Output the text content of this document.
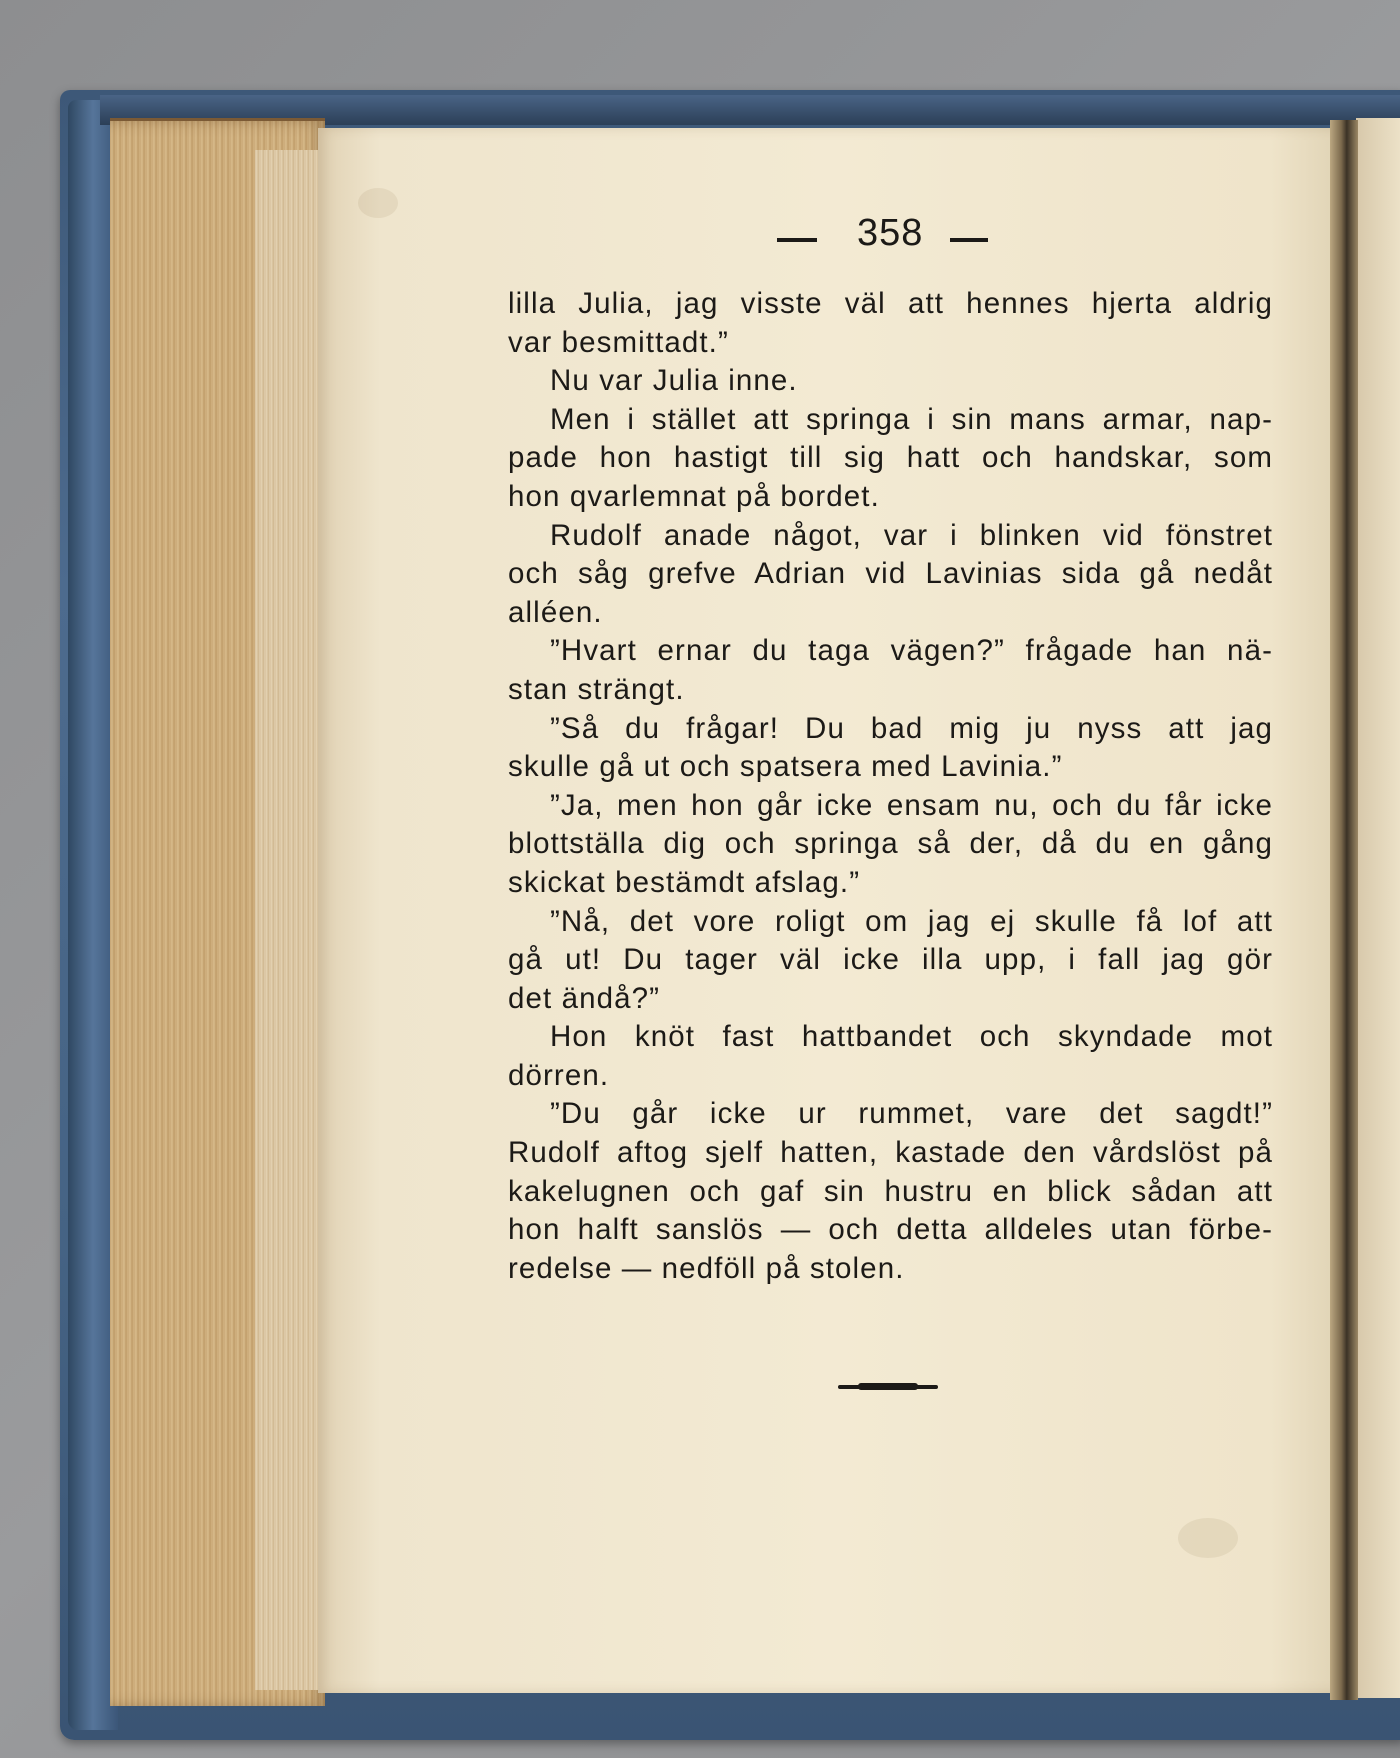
358
lilla Julia, jag visste väl att hennes hjerta aldrig
var besmittadt.”
Nu var Julia inne.
Men i stället att springa i sin mans armar, nap-
pade hon hastigt till sig hatt och handskar, som
hon qvarlemnat på bordet.
Rudolf anade något, var i blinken vid fönstret
och såg grefve Adrian vid Lavinias sida gå nedåt
alléen.
”Hvart ernar du taga vägen?” frågade han nä-
stan strängt.
”Så du frågar! Du bad mig ju nyss att jag
skulle gå ut och spatsera med Lavinia.”
”Ja, men hon går icke ensam nu, och du får icke
blottställa dig och springa så der, då du en gång
skickat bestämdt afslag.”
”Nå, det vore roligt om jag ej skulle få lof att
gå ut! Du tager väl icke illa upp, i fall jag gör
det ändå?”
Hon knöt fast hattbandet och skyndade mot
dörren.
”Du går icke ur rummet, vare det sagdt!”
Rudolf aftog sjelf hatten, kastade den vårdslöst på
kakelugnen och gaf sin hustru en blick sådan att
hon halft sanslös — och detta alldeles utan förbe-
redelse — nedföll på stolen.
